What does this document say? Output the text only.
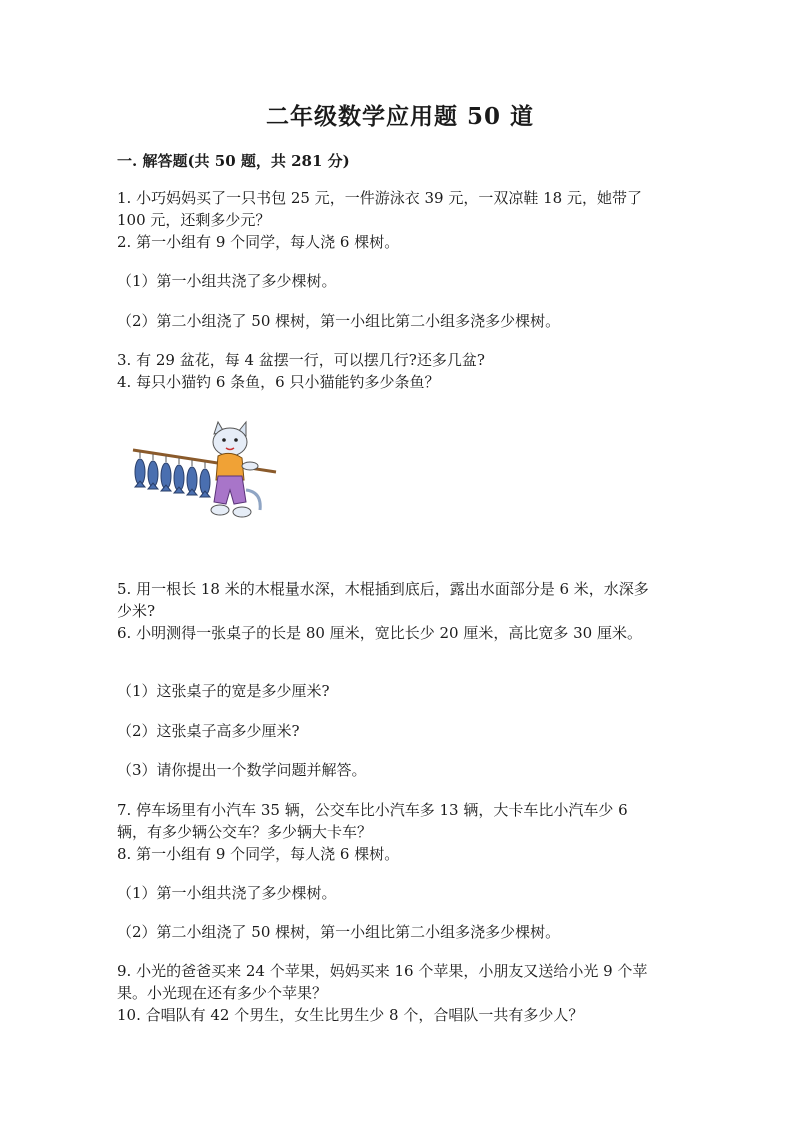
二年级数学应用题 50 道
一. 解答题(共 50 题，共 281 分)
1. 小巧妈妈买了一只书包 25 元，一件游泳衣 39 元，一双凉鞋 18 元，她带了
100 元，还剩多少元？
2. 第一小组有 9 个同学，每人浇 6 棵树。
（1）第一小组共浇了多少棵树。
（2）第二小组浇了 50 棵树，第一小组比第二小组多浇多少棵树。
3. 有 29 盆花，每 4 盆摆一行，可以摆几行?还多几盆?
4. 每只小猫钓 6 条鱼，6 只小猫能钓多少条鱼？
5. 用一根长 18 米的木棍量水深，木棍插到底后，露出水面部分是 6 米，水深多
少米?
6. 小明测得一张桌子的长是 80 厘米，宽比长少 20 厘米，高比宽多 30 厘米。
（1）这张桌子的宽是多少厘米?
（2）这张桌子高多少厘米?
（3）请你提出一个数学问题并解答。
7. 停车场里有小汽车 35 辆，公交车比小汽车多 13 辆，大卡车比小汽车少 6
辆，有多少辆公交车？多少辆大卡车？
8. 第一小组有 9 个同学，每人浇 6 棵树。
（1）第一小组共浇了多少棵树。
（2）第二小组浇了 50 棵树，第一小组比第二小组多浇多少棵树。
9. 小光的爸爸买来 24 个苹果，妈妈买来 16 个苹果，小朋友又送给小光 9 个苹
果。小光现在还有多少个苹果？
10. 合唱队有 42 个男生，女生比男生少 8 个，合唱队一共有多少人？
